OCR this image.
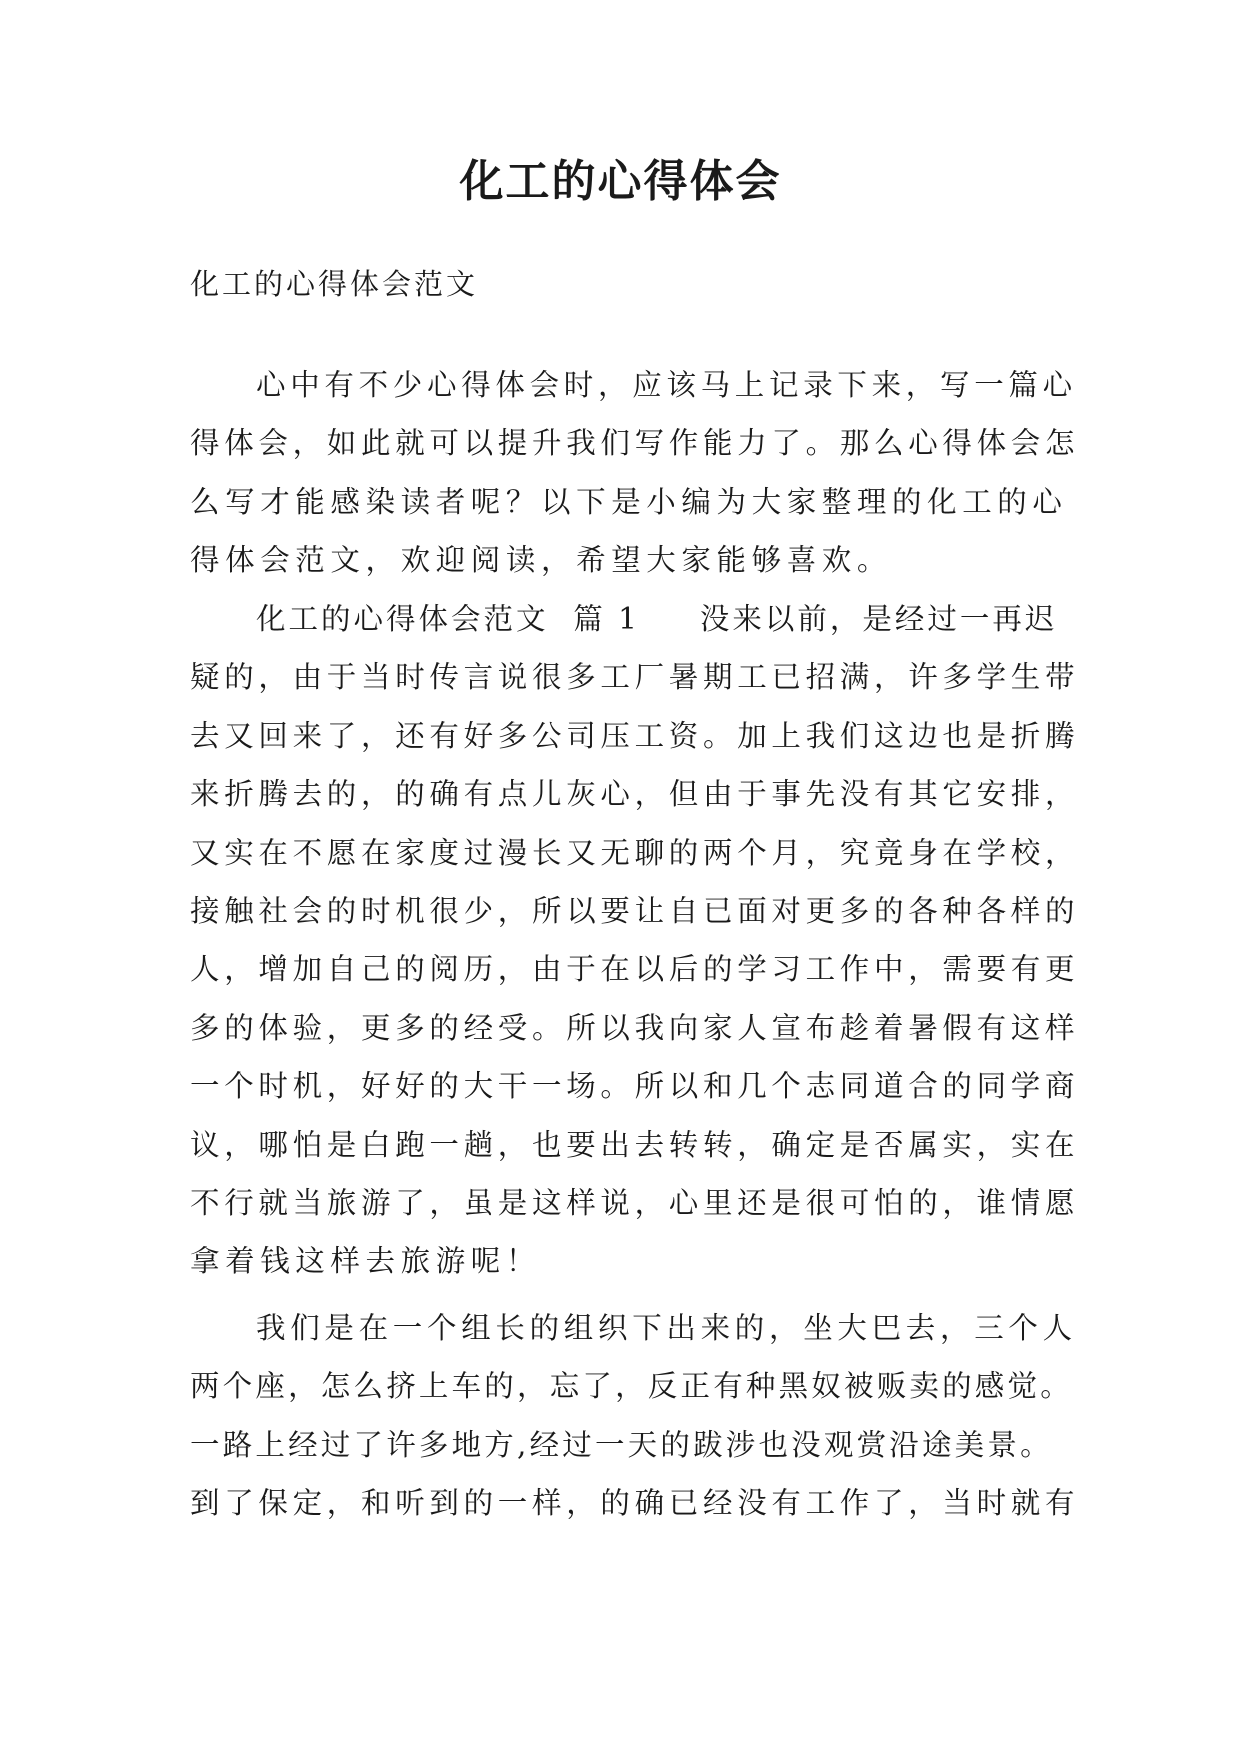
化工的心得体会
化工的心得体会范文
心中有不少心得体会时，应该马上记录下来，写一篇心
得体会，如此就可以提升我们写作能力了。那么心得体会怎
么写才能感染读者呢？以下是小编为大家整理的化工的心
得体会范文，欢迎阅读，希望大家能够喜欢。
化工的心得体会范文  篇 1 没来以前，是经过一再迟
疑的，由于当时传言说很多工厂暑期工已招满，许多学生带
去又回来了，还有好多公司压工资。加上我们这边也是折腾
来折腾去的，的确有点儿灰心，但由于事先没有其它安排，
又实在不愿在家度过漫长又无聊的两个月，究竟身在学校，
接触社会的时机很少，所以要让自已面对更多的各种各样的
人，增加自己的阅历，由于在以后的学习工作中，需要有更
多的体验，更多的经受。所以我向家人宣布趁着暑假有这样
一个时机，好好的大干一场。所以和几个志同道合的同学商
议，哪怕是白跑一趟，也要出去转转，确定是否属实，实在
不行就当旅游了，虽是这样说，心里还是很可怕的，谁情愿
拿着钱这样去旅游呢！
我们是在一个组长的组织下出来的，坐大巴去，三个人
两个座，怎么挤上车的，忘了，反正有种黑奴被贩卖的感觉。
一路上经过了许多地方,经过一天的跋涉也没观赏沿途美景。
到了保定，和听到的一样，的确已经没有工作了，当时就有
